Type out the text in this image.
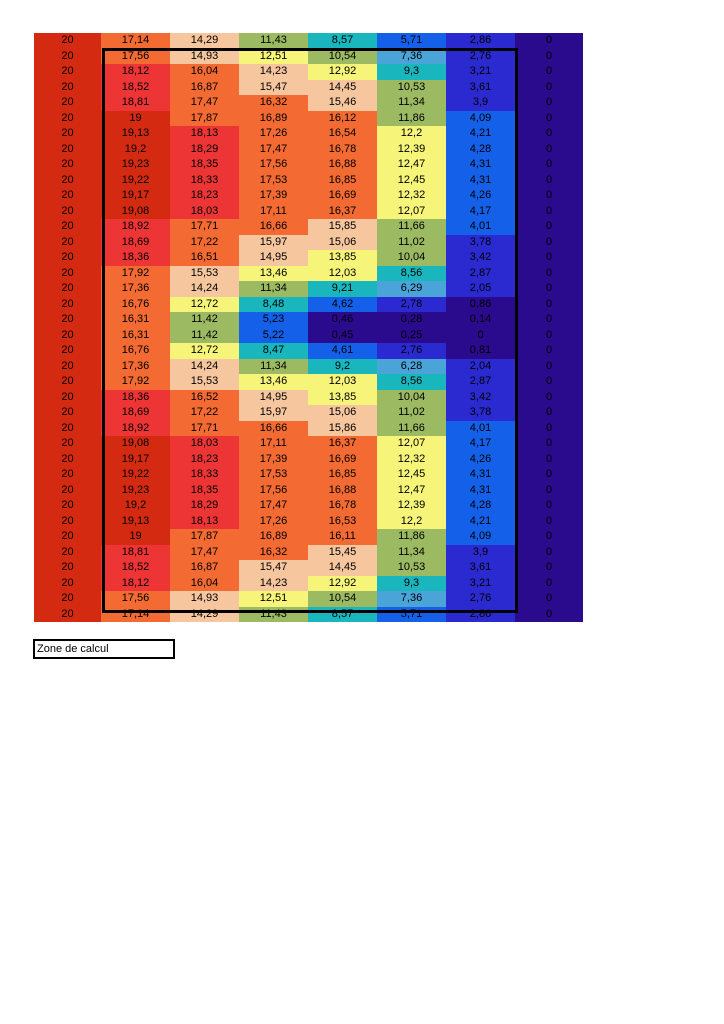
20	17,14	14,29	11,43	8,57	5,71	2,86	0
20	17,56	14,93	12,51	10,54	7,36	2,76	0
20	18,12	16,04	14,23	12,92	9,3	3,21	0
20	18,52	16,87	15,47	14,45	10,53	3,61	0
20	18,81	17,47	16,32	15,46	11,34	3,9	0
20	19	17,87	16,89	16,12	11,86	4,09	0
20	19,13	18,13	17,26	16,54	12,2	4,21	0
20	19,2	18,29	17,47	16,78	12,39	4,28	0
20	19,23	18,35	17,56	16,88	12,47	4,31	0
20	19,22	18,33	17,53	16,85	12,45	4,31	0
20	19,17	18,23	17,39	16,69	12,32	4,26	0
20	19,08	18,03	17,11	16,37	12,07	4,17	0
20	18,92	17,71	16,66	15,85	11,66	4,01	0
20	18,69	17,22	15,97	15,06	11,02	3,78	0
20	18,36	16,51	14,95	13,85	10,04	3,42	0
20	17,92	15,53	13,46	12,03	8,56	2,87	0
20	17,36	14,24	11,34	9,21	6,29	2,05	0
20	16,76	12,72	8,48	4,62	2,78	0,86	0
20	16,31	11,42	5,23	0,46	0,28	0,14	0
20	16,31	11,42	5,22	0,45	0,25	0	0
20	16,76	12,72	8,47	4,61	2,76	0,81	0
20	17,36	14,24	11,34	9,2	6,28	2,04	0
20	17,92	15,53	13,46	12,03	8,56	2,87	0
20	18,36	16,52	14,95	13,85	10,04	3,42	0
20	18,69	17,22	15,97	15,06	11,02	3,78	0
20	18,92	17,71	16,66	15,86	11,66	4,01	0
20	19,08	18,03	17,11	16,37	12,07	4,17	0
20	19,17	18,23	17,39	16,69	12,32	4,26	0
20	19,22	18,33	17,53	16,85	12,45	4,31	0
20	19,23	18,35	17,56	16,88	12,47	4,31	0
20	19,2	18,29	17,47	16,78	12,39	4,28	0
20	19,13	18,13	17,26	16,53	12,2	4,21	0
20	19	17,87	16,89	16,11	11,86	4,09	0
20	18,81	17,47	16,32	15,45	11,34	3,9	0
20	18,52	16,87	15,47	14,45	10,53	3,61	0
20	18,12	16,04	14,23	12,92	9,3	3,21	0
20	17,56	14,93	12,51	10,54	7,36	2,76	0
20	17,14	14,29	11,43	8,57	5,71	2,86	0
Zone de calcul
